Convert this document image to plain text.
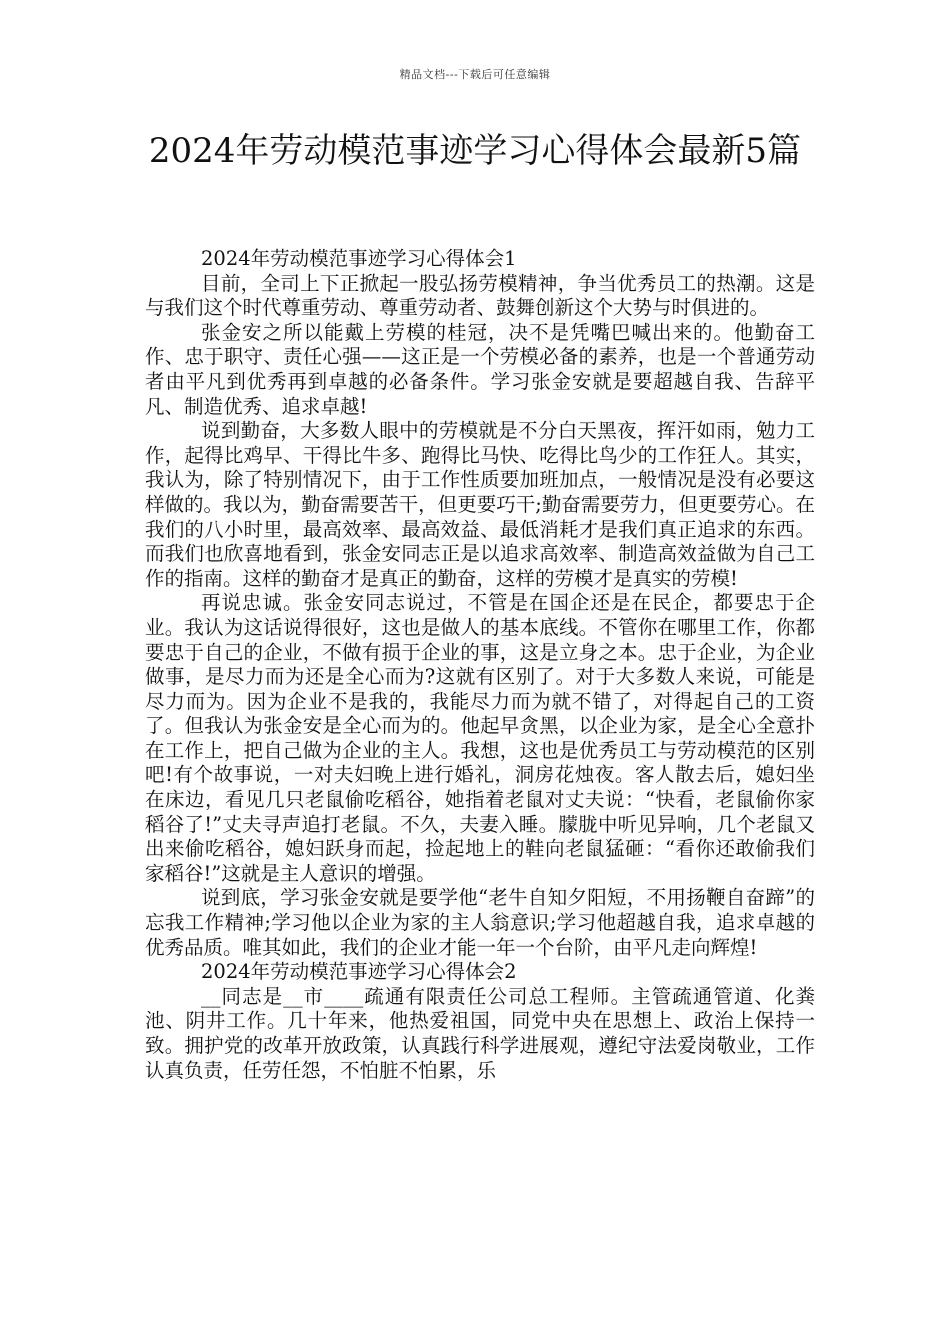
精品文档---下载后可任意编辑
2024年劳动模范事迹学习心得体会最新5篇

2024年劳动模范事迹学习心得体会1

目前，全司上下正掀起一股弘扬劳模精神，争当优秀员工的热潮。这是与我们这个时代尊重劳动、尊重劳动者、鼓舞创新这个大势与时俱进的。

张金安之所以能戴上劳模的桂冠，决不是凭嘴巴喊出来的。他勤奋工作、忠于职守、责任心强——这正是一个劳模必备的素养，也是一个普通劳动者由平凡到优秀再到卓越的必备条件。学习张金安就是要超越自我、告辞平凡、制造优秀、追求卓越!

说到勤奋，大多数人眼中的劳模就是不分白天黑夜，挥汗如雨，勉力工作，起得比鸡早、干得比牛多、跑得比马快、吃得比鸟少的工作狂人。其实，我认为，除了特别情况下，由于工作性质要加班加点，一般情况是没有必要这样做的。我以为，勤奋需要苦干，但更要巧干;勤奋需要劳力，但更要劳心。在我们的八小时里，最高效率、最高效益、最低消耗才是我们真正追求的东西。而我们也欣喜地看到，张金安同志正是以追求高效率、制造高效益做为自己工作的指南。这样的勤奋才是真正的勤奋，这样的劳模才是真实的劳模!

再说忠诚。张金安同志说过，不管是在国企还是在民企，都要忠于企业。我认为这话说得很好，这也是做人的基本底线。不管你在哪里工作，你都要忠于自己的企业，不做有损于企业的事，这是立身之本。忠于企业，为企业做事，是尽力而为还是全心而为?这就有区别了。对于大多数人来说，可能是尽力而为。因为企业不是我的，我能尽力而为就不错了，对得起自己的工资了。但我认为张金安是全心而为的。他起早贪黑，以企业为家，是全心全意扑在工作上，把自己做为企业的主人。我想，这也是优秀员工与劳动模范的区别吧!有个故事说，一对夫妇晚上进行婚礼，洞房花烛夜。客人散去后，媳妇坐在床边，看见几只老鼠偷吃稻谷，她指着老鼠对丈夫说：“快看，老鼠偷你家稻谷了!”丈夫寻声追打老鼠。不久，夫妻入睡。朦胧中听见异响，几个老鼠又出来偷吃稻谷，媳妇跃身而起，捡起地上的鞋向老鼠猛砸：“看你还敢偷我们家稻谷!”这就是主人意识的增强。

说到底，学习张金安就是要学他“老牛自知夕阳短，不用扬鞭自奋蹄”的忘我工作精神;学习他以企业为家的主人翁意识;学习他超越自我，追求卓越的优秀品质。唯其如此，我们的企业才能一年一个台阶，由平凡走向辉煌!

2024年劳动模范事迹学习心得体会2

__同志是__市____疏通有限责任公司总工程师。主管疏通管道、化粪池、阴井工作。几十年来，他热爱祖国，同党中央在思想上、政治上保持一致。拥护党的改革开放政策，认真践行科学进展观，遵纪守法爱岗敬业，工作认真负责，任劳任怨，不怕脏不怕累，乐
